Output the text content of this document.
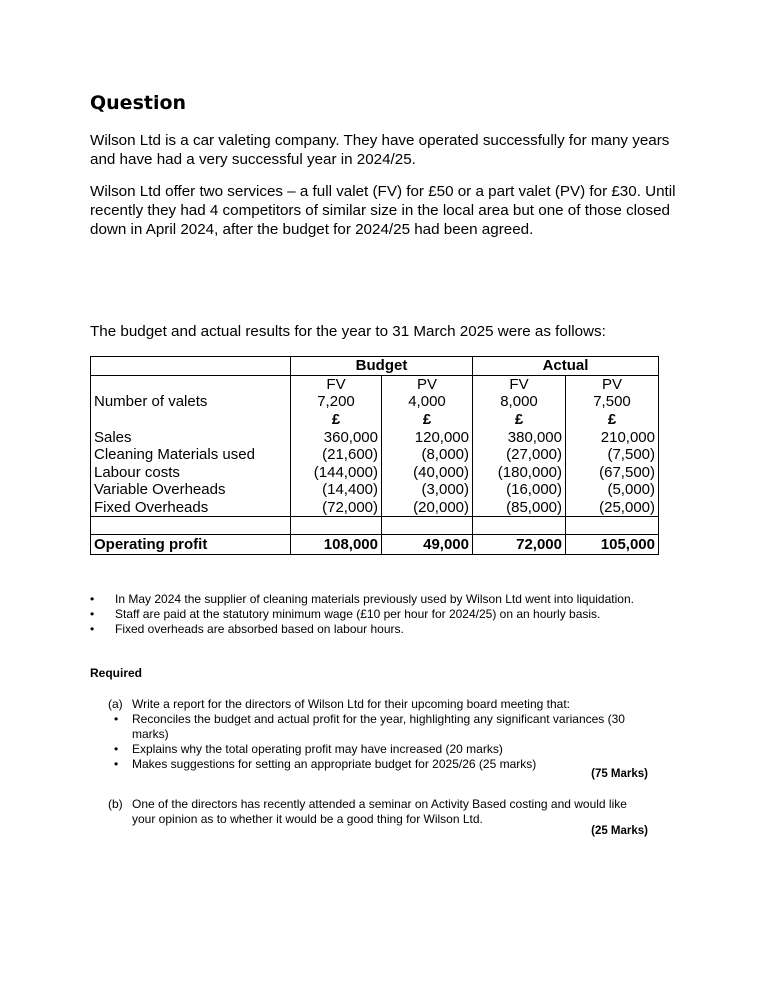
Question

Wilson Ltd is a car valeting company. They have operated successfully for many years and have had a very successful year in 2024/25.

Wilson Ltd offer two services – a full valet (FV) for £50 or a part valet (PV) for £30. Until recently they had 4 competitors of similar size in the local area but one of those closed down in April 2024, after the budget for 2024/25 had been agreed.

The budget and actual results for the year to 31 March 2025 were as follows:

	Budget		Actual	
	FV	PV	FV	PV
Number of valets	7,200	4,000	8,000	7,500
	£	£	£	£
Sales	360,000	120,000	380,000	210,000
Cleaning Materials used	(21,600)	(8,000)	(27,000)	(7,500)
Labour costs	(144,000)	(40,000)	(180,000)	(67,500)
Variable Overheads	(14,400)	(3,000)	(16,000)	(5,000)
Fixed Overheads	(72,000)	(20,000)	(85,000)	(25,000)

Operating profit	108,000	49,000	72,000	105,000
• In May 2024 the supplier of cleaning materials previously used by Wilson Ltd went into liquidation.
• Staff are paid at the statutory minimum wage (£10 per hour for 2024/25) on an hourly basis.
• Fixed overheads are absorbed based on labour hours.
Required
(a) Write a report for the directors of Wilson Ltd for their upcoming board meeting that:
• Reconciles the budget and actual profit for the year, highlighting any significant variances (30 marks)
• Explains why the total operating profit may have increased (20 marks)
• Makes suggestions for setting an appropriate budget for 2025/26 (25 marks)
(75 Marks)
(b) One of the directors has recently attended a seminar on Activity Based costing and would like your opinion as to whether it would be a good thing for Wilson Ltd.
(25 Marks)
